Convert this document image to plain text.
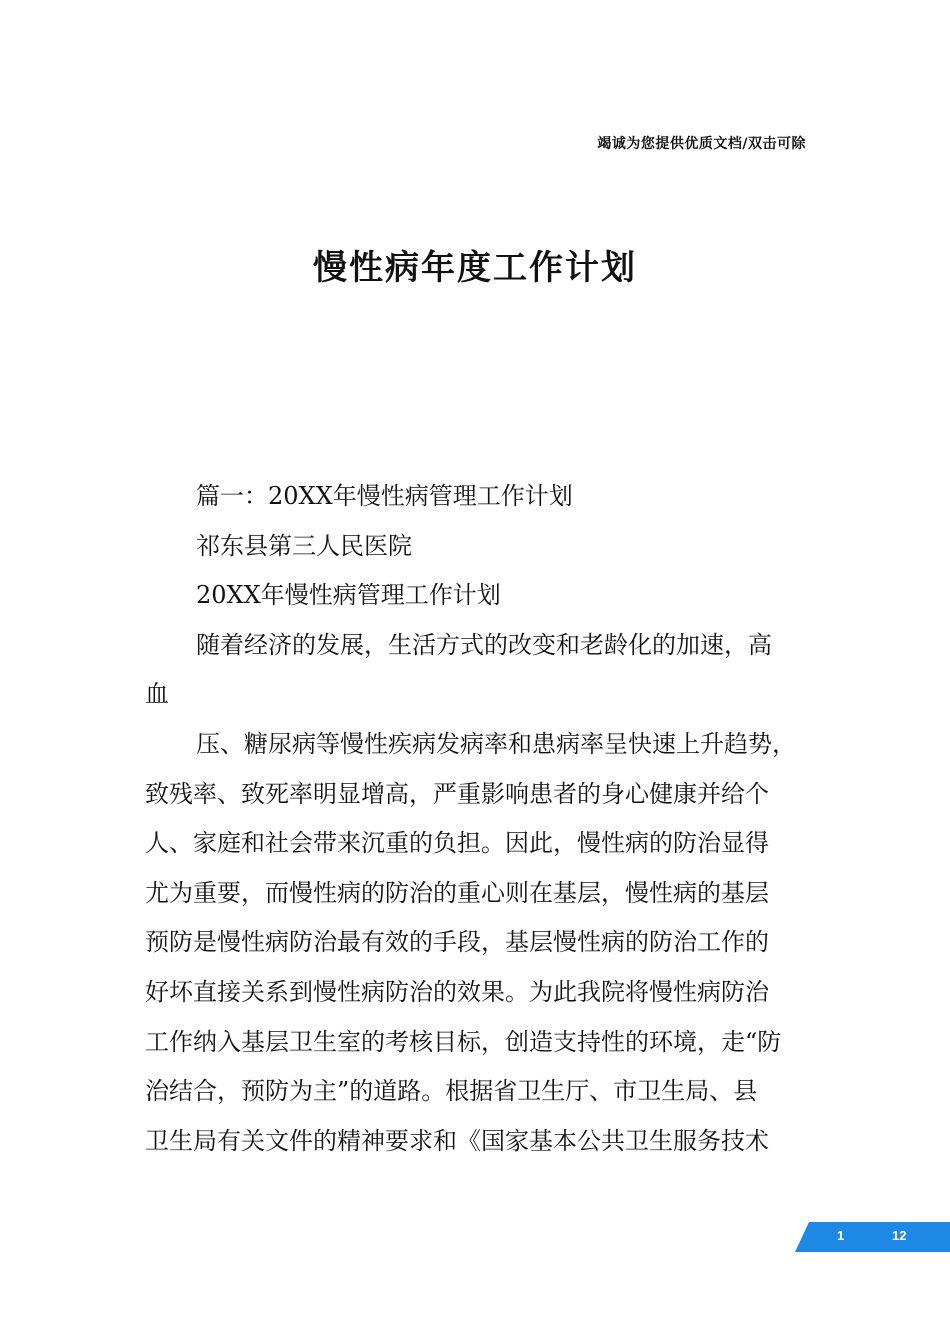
竭诚为您提供优质文档/双击可除
慢性病年度工作计划
篇一：20XX年慢性病管理工作计划
祁东县第三人民医院
20XX年慢性病管理工作计划
随着经济的发展，生活方式的改变和老龄化的加速，高
血
压、糖尿病等慢性疾病发病率和患病率呈快速上升趋势，
致残率、致死率明显增高，严重影响患者的身心健康并给个
人、家庭和社会带来沉重的负担。因此，慢性病的防治显得
尤为重要，而慢性病的防治的重心则在基层，慢性病的基层
预防是慢性病防治最有效的手段，基层慢性病的防治工作的
好坏直接关系到慢性病防治的效果。为此我院将慢性病防治
工作纳入基层卫生室的考核目标，创造支持性的环境，走“防
治结合，预防为主”的道路。根据省卫生厅、市卫生局、县
卫生局有关文件的精神要求和《国家基本公共卫生服务技术
1	12
